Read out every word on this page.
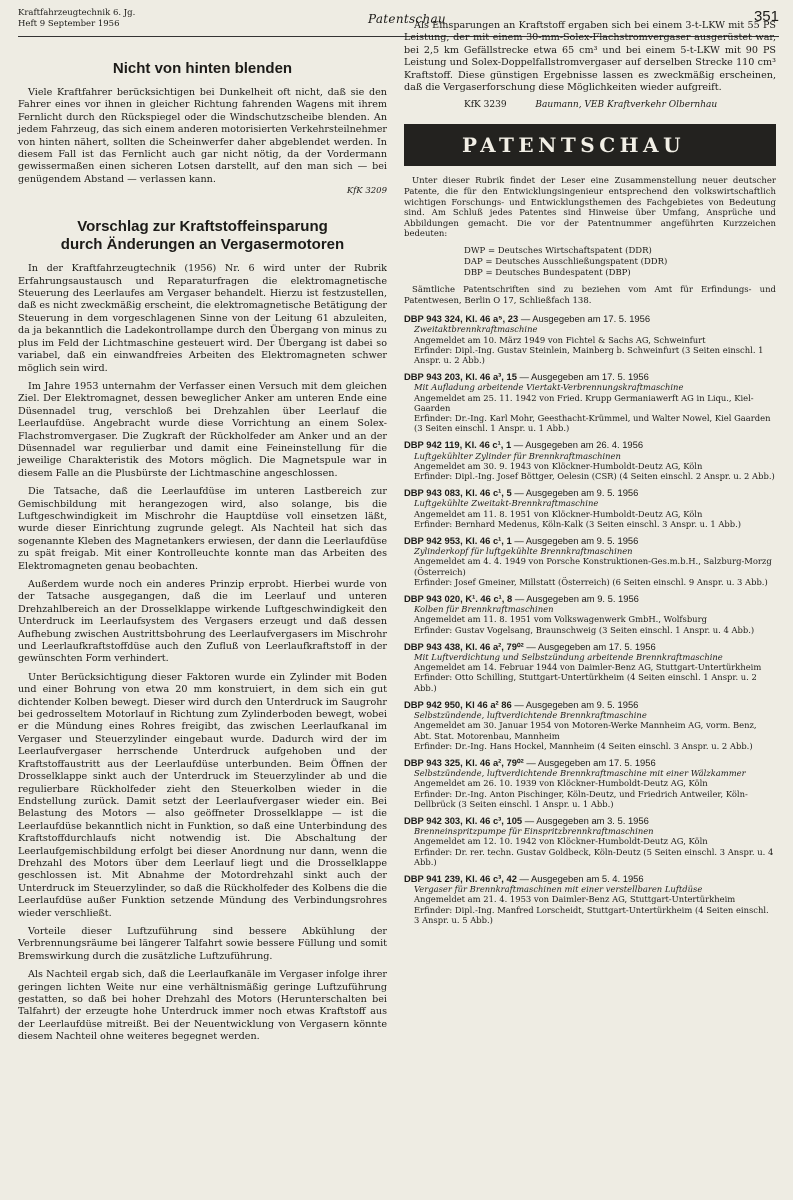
Kraftfahrzeugtechnik 6. Jg.
Heft 9 September 1956	Patentschau	351
Nicht von hinten blenden

Viele Kraftfahrer berücksichtigen bei Dunkelheit oft nicht, daß sie den Fahrer eines vor ihnen in gleicher Richtung fahrenden Wagens mit ihrem Fernlicht durch den Rückspiegel oder die Windschutzscheibe blenden. An jedem Fahrzeug, das sich einem anderen motorisierten Verkehrsteilnehmer von hinten nähert, sollten die Scheinwerfer daher abgeblendet werden. In diesem Fall ist das Fernlicht auch gar nicht nötig, da der Vordermann gewissermaßen einen sicheren Lotsen darstellt, auf den man sich — bei genügendem Abstand — verlassen kann.

KfK 3209
Vorschlag zur Kraftstoffeinsparung
durch Änderungen an Vergasermotoren

In der Kraftfahrzeugtechnik (1956) Nr. 6 wird unter der Rubrik Erfahrungsaustausch und Reparaturfragen die elektromagnetische Steuerung des Leerlaufes am Vergaser behandelt. Hierzu ist festzustellen, daß es nicht zweckmäßig erscheint, die elektromagnetische Betätigung der Steuerung in dem vorgeschlagenen Sinne von der Leitung 61 abzuleiten, da ja bekanntlich die Ladekontrollampe durch den Übergang von minus zu plus im Feld der Lichtmaschine gesteuert wird. Der Übergang ist dabei so variabel, daß ein einwandfreies Arbeiten des Elektromagneten schwer möglich sein wird.

Im Jahre 1953 unternahm der Verfasser einen Versuch mit dem gleichen Ziel. Der Elektromagnet, dessen beweglicher Anker am unteren Ende eine Düsennadel trug, verschloß bei Drehzahlen über Leerlauf die Leerlaufdüse. Angebracht wurde diese Vorrichtung an einem Solex-Flachstromvergaser. Die Zugkraft der Rückholfeder am Anker und an der Düsennadel war regulierbar und damit eine Feineinstellung für die jeweilige Charakteristik des Motors möglich. Die Magnetspule war in diesem Falle an die Plusbürste der Lichtmaschine angeschlossen.

Die Tatsache, daß die Leerlaufdüse im unteren Lastbereich zur Gemischbildung mit herangezogen wird, also solange, bis die Luftgeschwindigkeit im Mischrohr die Hauptdüse voll einsetzen läßt, wurde dieser Einrichtung zugrunde gelegt. Als Nachteil hat sich das sogenannte Kleben des Magnetankers erwiesen, der dann die Leerlaufdüse zu spät freigab. Mit einer Kontrolleuchte konnte man das Arbeiten des Elektromagneten genau beobachten.

Außerdem wurde noch ein anderes Prinzip erprobt. Hierbei wurde von der Tatsache ausgegangen, daß die im Leerlauf und unteren Drehzahlbereich an der Drosselklappe wirkende Luftgeschwindigkeit den Unterdruck im Leerlaufsystem des Vergasers erzeugt und daß dessen Aufhebung zwischen Austrittsbohrung des Leerlaufvergasers im Mischrohr und Leerlaufkraftstoffdüse auch den Zufluß von Leerlaufkraftstoff in der gewünschten Form verhindert.

Unter Berücksichtigung dieser Faktoren wurde ein Zylinder mit Boden und einer Bohrung von etwa 20 mm konstruiert, in dem sich ein gut dichtender Kolben bewegt. Dieser wird durch den Unterdruck im Saugrohr bei gedrosseltem Motorlauf in Richtung zum Zylinderboden bewegt, wobei er die Mündung eines Rohres freigibt, das zwischen Leerlaufkanal im Vergaser und Steuerzylinder eingebaut wurde. Dadurch wird der im Leerlaufvergaser herrschende Unterdruck aufgehoben und der Kraftstoffaustritt aus der Leerlaufdüse unterbunden. Beim Öffnen der Drosselklappe sinkt auch der Unterdruck im Steuerzylinder ab und die regulierbare Rückholfeder zieht den Steuerkolben wieder in die Endstellung zurück. Damit setzt der Leerlaufvergaser wieder ein. Bei Belastung des Motors — also geöffneter Drosselklappe — ist die Leerlaufdüse bekanntlich nicht in Funktion, so daß eine Unterbindung des Kraftstoffdurchlaufs nicht notwendig ist. Die Abschaltung der Leerlaufgemischbildung erfolgt bei dieser Anordnung nur dann, wenn die Drehzahl des Motors über dem Leerlauf liegt und die Drosselklappe geschlossen ist. Mit Abnahme der Motordrehzahl sinkt auch der Unterdruck im Steuerzylinder, so daß die Rückholfeder des Kolbens die die Leerlaufdüse außer Funktion setzende Mündung des Verbindungsrohres wieder verschließt.

Vorteile dieser Luftzuführung sind bessere Abkühlung der Verbrennungsräume bei längerer Talfahrt sowie bessere Füllung und somit Bremswirkung durch die zusätzliche Luftzuführung.

Als Nachteil ergab sich, daß die Leerlaufkanäle im Vergaser infolge ihrer geringen lichten Weite nur eine verhältnismäßig geringe Luftzuführung gestatten, so daß bei hoher Drehzahl des Motors (Herunterschalten bei Talfahrt) der erzeugte hohe Unterdruck immer noch etwas Kraftstoff aus der Leerlaufdüse mitreißt. Bei der Neuentwicklung von Vergasern könnte diesem Nachteil ohne weiteres begegnet werden.

Als Einsparungen an Kraftstoff ergaben sich bei einem 3-t-LKW mit 55 PS Leistung, der mit einem 30-mm-Solex-Flachstromvergaser ausgerüstet war, bei 2,5 km Gefällstrecke etwa 65 cm³ und bei einem 5-t-LKW mit 90 PS Leistung und Solex-Doppelfallstromvergaser auf derselben Strecke 110 cm³ Kraftstoff. Diese günstigen Ergebnisse lassen es zweckmäßig erscheinen, daß die Vergaserforschung diese Möglichkeiten wieder aufgreift.

KfK 3239	Baumann, VEB Kraftverkehr Olbernhau
PATENTSCHAU
Unter dieser Rubrik findet der Leser eine Zusammenstellung neuer deutscher Patente, die für den Entwicklungsingenieur entsprechend den volkswirtschaftlich wichtigen Forschungs- und Entwicklungsthemen des Fachgebietes von Bedeutung sind. Am Schluß jedes Patentes sind Hinweise über Umfang, Ansprüche und Abbildungen gemacht. Die vor der Patentnummer angeführten Kurzzeichen bedeuten:
DWP = Deutsches Wirtschaftspatent (DDR)
DAP = Deutsches Ausschließungspatent (DDR)
DBP = Deutsches Bundespatent (DBP)
Sämtliche Patentschriften sind zu beziehen vom Amt für Erfindungs- und Patentwesen, Berlin O 17, Schließfach 138.
DBP 943 324, Kl. 46 a⁵, 23 — Ausgegeben am 17. 5. 1956
Zweitaktbrennkraftmaschine
Angemeldet am 10. März 1949 von Fichtel & Sachs AG, Schweinfurt
Erfinder: Dipl.-Ing. Gustav Steinlein, Mainberg b. Schweinfurt (3 Seiten einschl. 1 Anspr. u. 2 Abb.)
DBP 943 203, Kl. 46 a³, 15 — Ausgegeben am 17. 5. 1956
Mit Aufladung arbeitende Viertakt-Verbrennungskraftmaschine
Angemeldet am 25. 11. 1942 von Fried. Krupp Germaniawerft AG in Liqu., Kiel-Gaarden
Erfinder: Dr.-Ing. Karl Mohr, Geesthacht-Krümmel, und Walter Nowel, Kiel Gaarden (3 Seiten einschl. 1 Anspr. u. 1 Abb.)
DBP 942 119, Kl. 46 c¹, 1 — Ausgegeben am 26. 4. 1956
Luftgekühlter Zylinder für Brennkraftmaschinen
Angemeldet am 30. 9. 1943 von Klöckner-Humboldt-Deutz AG, Köln
Erfinder: Dipl.-Ing. Josef Böttger, Oelesin (CSR) (4 Seiten einschl. 2 Anspr. u. 2 Abb.)
DBP 943 083, Kl. 46 c¹, 5 — Ausgegeben am 9. 5. 1956
Luftgekühlte Zweitakt-Brennkraftmaschine
Angemeldet am 11. 8. 1951 von Klöckner-Humboldt-Deutz AG, Köln
Erfinder: Bernhard Medenus, Köln-Kalk (3 Seiten einschl. 3 Anspr. u. 1 Abb.)
DBP 942 953, Kl. 46 c¹, 1 — Ausgegeben am 9. 5. 1956
Zylinderkopf für luftgekühlte Brennkraftmaschinen
Angemeldet am 4. 4. 1949 von Porsche Konstruktionen-Ges.m.b.H., Salzburg-Morzg (Österreich)
Erfinder: Josef Gmeiner, Millstatt (Österreich) (6 Seiten einschl. 9 Anspr. u. 3 Abb.)
DBP 943 020, K¹. 46 c¹, 8 — Ausgegeben am 9. 5. 1956
Kolben für Brennkraftmaschinen
Angemeldet am 11. 8. 1951 vom Volkswagenwerk GmbH., Wolfsburg
Erfinder: Gustav Vogelsang, Braunschweig (3 Seiten einschl. 1 Anspr. u. 4 Abb.)
DBP 943 438, Kl. 46 a², 79⁰² — Ausgegeben am 17. 5. 1956
Mit Luftverdichtung und Selbstzündung arbeitende Brennkraftmaschine
Angemeldet am 14. Februar 1944 von Daimler-Benz AG, Stuttgart-Untertürkheim
Erfinder: Otto Schilling, Stuttgart-Untertürkheim (4 Seiten einschl. 1 Anspr. u. 2 Abb.)
DBP 942 950, Kl 46 a² 86 — Ausgegeben am 9. 5. 1956
Selbstzündende, luftverdichtende Brennkraftmaschine
Angemeldet am 30. Januar 1954 von Motoren-Werke Mannheim AG, vorm. Benz, Abt. Stat. Motorenbau, Mannheim
Erfinder: Dr.-Ing. Hans Hockel, Mannheim (4 Seiten einschl. 3 Anspr. u. 2 Abb.)
DBP 943 325, Kl. 46 a², 79⁰² — Ausgegeben am 17. 5. 1956
Selbstzündende, luftverdichtende Brennkraftmaschine mit einer Wälzkammer
Angemeldet am 26. 10. 1939 von Klöckner-Humboldt-Deutz AG, Köln
Erfinder: Dr.-Ing. Anton Pischinger, Köln-Deutz, und Friedrich Antweiler, Köln-Dellbrück (3 Seiten einschl. 1 Anspr. u. 1 Abb.)
DBP 942 303, Kl. 46 c³, 105 — Ausgegeben am 3. 5. 1956
Brenneinspritzpumpe für Einspritzbrennkraftmaschinen
Angemeldet am 12. 10. 1942 von Klöckner-Humboldt-Deutz AG, Köln
Erfinder: Dr. rer. techn. Gustav Goldbeck, Köln-Deutz (5 Seiten einschl. 3 Anspr. u. 4 Abb.)
DBP 941 239, Kl. 46 c³, 42 — Ausgegeben am 5. 4. 1956
Vergaser für Brennkraftmaschinen mit einer verstellbaren Luftdüse
Angemeldet am 21. 4. 1953 von Daimler-Benz AG, Stuttgart-Untertürkheim
Erfinder: Dipl.-Ing. Manfred Lorscheidt, Stuttgart-Untertürkheim (4 Seiten einschl. 3 Anspr. u. 5 Abb.)
